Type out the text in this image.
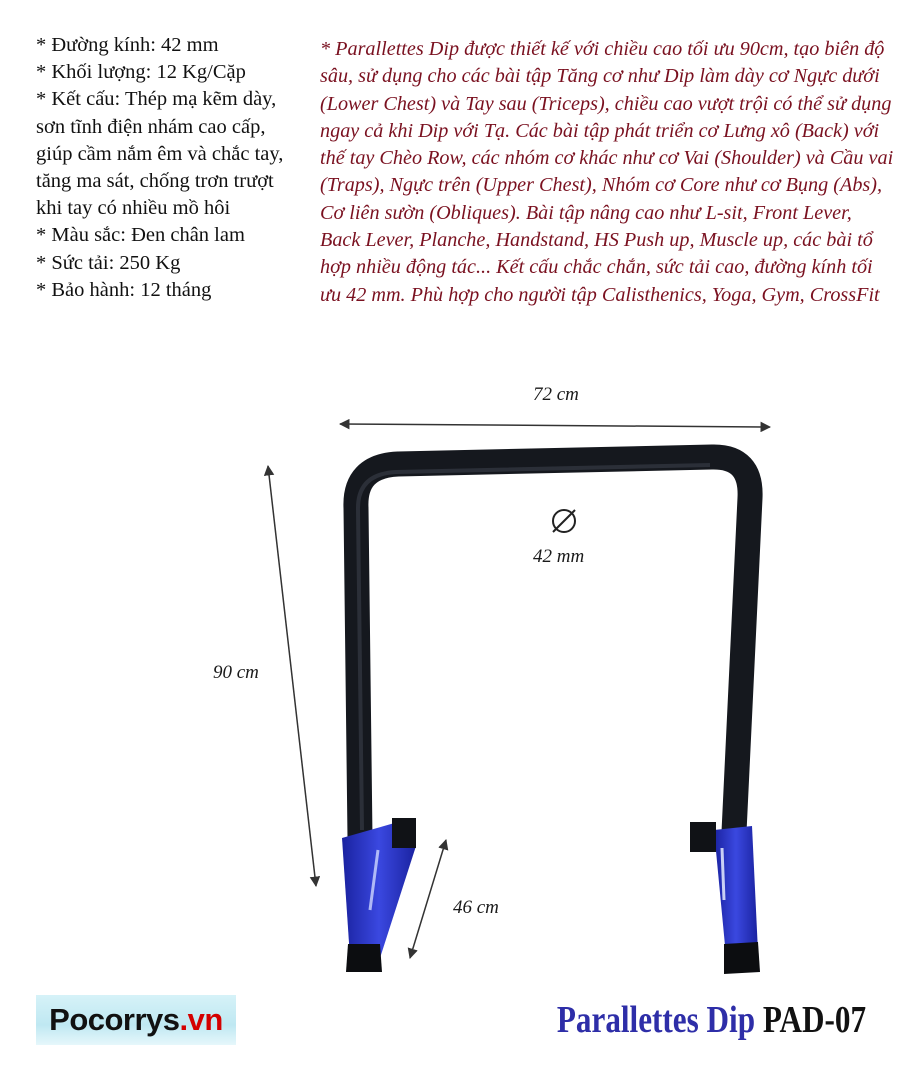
* Đường kính: 42 mm
* Khối lượng: 12 Kg/Cặp
* Kết cấu: Thép mạ kẽm dày, sơn tĩnh điện nhám cao cấp, giúp cầm nắm êm và chắc tay, tăng ma sát, chống trơn trượt khi tay có nhiều mồ hôi
* Màu sắc: Đen chân lam
* Sức tải: 250 Kg
* Bảo hành: 12 tháng
* Parallettes Dip được thiết kế với chiều cao tối ưu 90cm, tạo biên độ sâu, sử dụng cho các bài tập Tăng cơ như Dip làm dày cơ Ngực dưới (Lower Chest) và Tay sau (Triceps), chiều cao vượt trội có thể sử dụng ngay cả khi Dip với Tạ. Các bài tập phát triển cơ Lưng xô (Back) với thế tay Chèo Row, các nhóm cơ khác như cơ Vai (Shoulder) và Cầu vai (Traps), Ngực trên (Upper Chest), Nhóm cơ Core như cơ Bụng (Abs), Cơ liên sườn (Obliques). Bài tập nâng cao như L-sit, Front Lever, Back Lever, Planche, Handstand, HS Push up, Muscle up, các bài tổ hợp nhiều động tác... Kết cấu chắc chắn, sức tải cao, đường kính tối ưu 42 mm. Phù hợp cho người tập Calisthenics, Yoga, Gym, CrossFit
72 cm
90 cm
46 cm
42 mm
Pocorrys .vn	Parallettes Dip PAD-07
